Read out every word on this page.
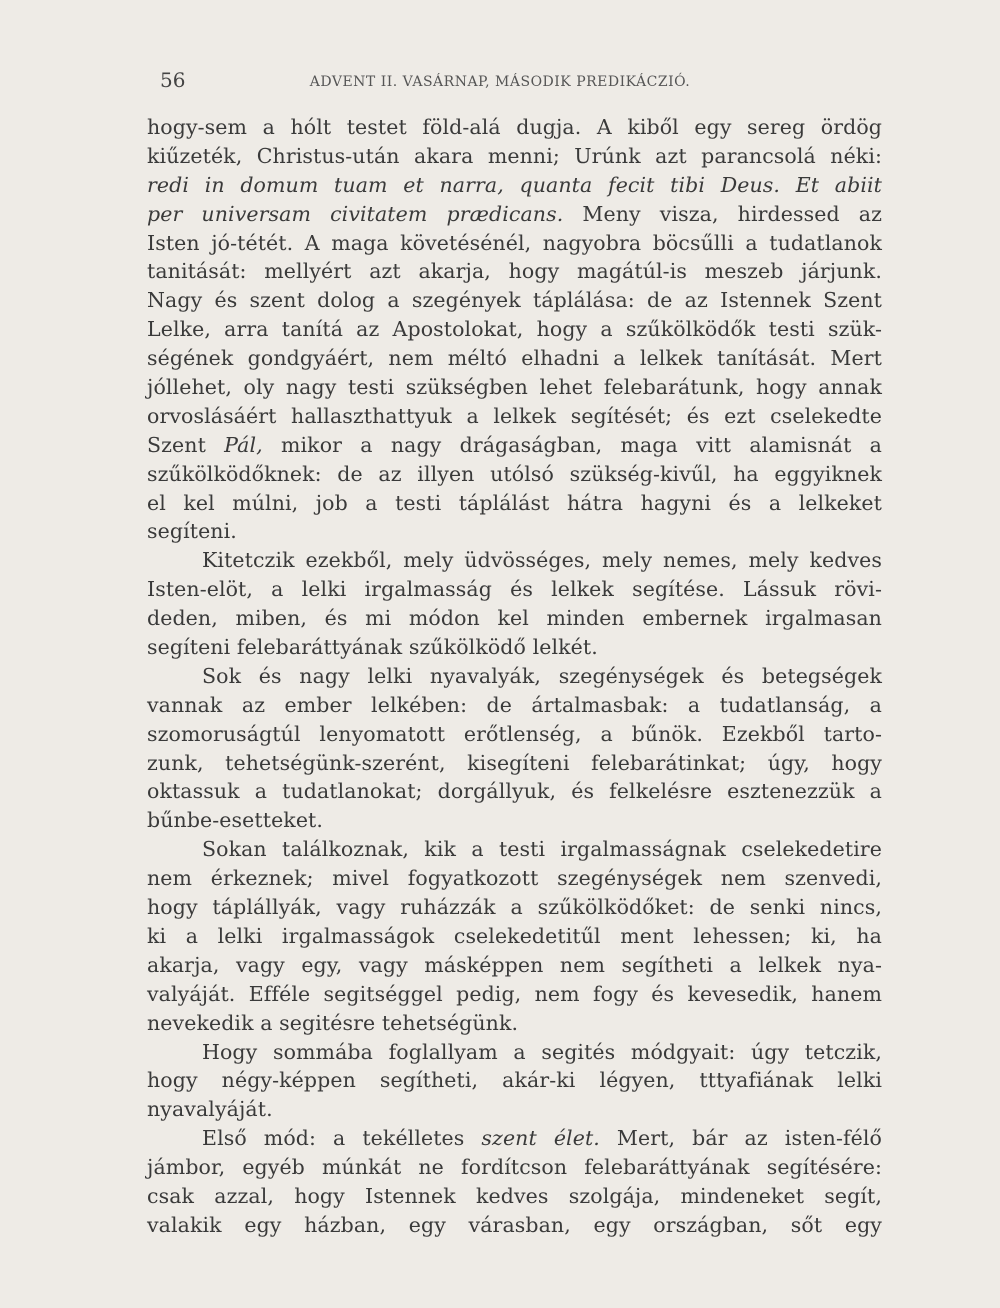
56	ADVENT II. VASÁRNAP, MÁSODIK PREDIKÁCZIÓ.
hogy-sem a hólt testet föld-alá dugja. A kiből egy sereg ördög
kiűzeték, Christus-után akara menni; Urúnk azt parancsolá néki:
redi in domum tuam et narra, quanta fecit tibi Deus. Et abiit
per universam civitatem prædicans. Meny visza, hirdessed az
Isten jó-tétét. A maga követésénél, nagyobra böcsűlli a tudatlanok
tanitását: mellyért azt akarja, hogy magátúl-is meszeb járjunk.
Nagy és szent dolog a szegények táplálása: de az Istennek Szent
Lelke, arra tanítá az Apostolokat, hogy a szűkölködők testi szük-
ségének gondgyáért, nem méltó elhadni a lelkek tanítását. Mert
jóllehet, oly nagy testi szükségben lehet felebarátunk, hogy annak
orvoslásáért hallaszthattyuk a lelkek segítését; és ezt cselekedte
Szent Pál, mikor a nagy drágaságban, maga vitt alamisnát a
szűkölködőknek: de az illyen utólsó szükség-kivűl, ha eggyiknek
el kel múlni, job a testi táplálást hátra hagyni és a lelkeket
segíteni.
Kitetczik ezekből, mely üdvösséges, mely nemes, mely kedves
Isten-elöt, a lelki irgalmasság és lelkek segítése. Lássuk rövi-
deden, miben, és mi módon kel minden embernek irgalmasan
segíteni felebaráttyának szűkölködő lelkét.
Sok és nagy lelki nyavalyák, szegénységek és betegségek
vannak az ember lelkében: de ártalmasbak: a tudatlanság, a
szomoruságtúl lenyomatott erőtlenség, a bűnök. Ezekből tarto-
zunk, tehetségünk-szerént, kisegíteni felebarátinkat; úgy, hogy
oktassuk a tudatlanokat; dorgállyuk, és felkelésre esztenezzük a
bűnbe-esetteket.
Sokan találkoznak, kik a testi irgalmasságnak cselekedetire
nem érkeznek; mivel fogyatkozott szegénységek nem szenvedi,
hogy táplállyák, vagy ruházzák a szűkölködőket: de senki nincs,
ki a lelki irgalmasságok cselekedetitűl ment lehessen; ki, ha
akarja, vagy egy, vagy másképpen nem segítheti a lelkek nya-
valyáját. Efféle segitséggel pedig, nem fogy és kevesedik, hanem
nevekedik a segitésre tehetségünk.
Hogy sommába foglallyam a segités módgyait: úgy tetczik,
hogy négy-képpen segítheti, akár-ki légyen, tttyafiának lelki
nyavalyáját.
Első mód: a tekélletes szent élet. Mert, bár az isten-félő
jámbor, egyéb múnkát ne fordítcson felebaráttyának segítésére:
csak azzal, hogy Istennek kedves szolgája, mindeneket segít,
valakik egy házban, egy várasban, egy országban, sőt egy
